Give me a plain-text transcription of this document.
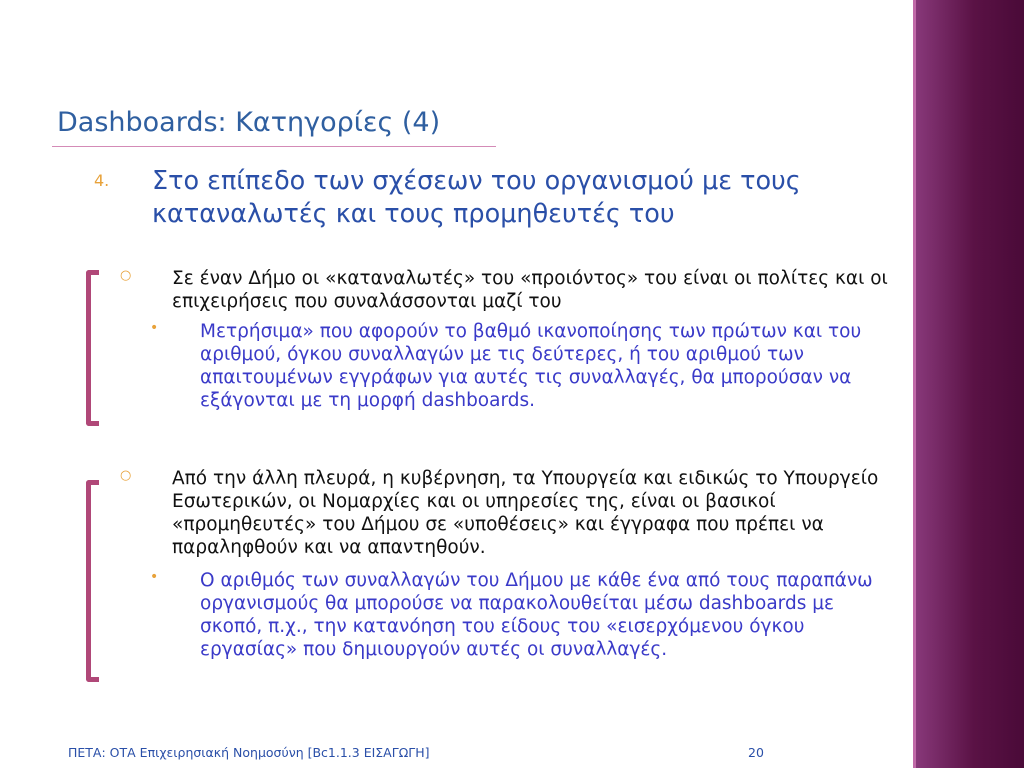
Dashboards: Κατηγορίες (4)
4. Στο επίπεδο των σχέσεων του οργανισμού με τους καταναλωτές και τους προμηθευτές του
○ Σε έναν Δήμο οι «καταναλωτές» του «προιόντος» του είναι οι πολίτες και οι επιχειρήσεις που συναλάσσονται μαζί του
• Μετρήσιμα» που αφορούν το βαθμό ικανοποίησης των πρώτων και του αριθμού, όγκου συναλλαγών με τις δεύτερες, ή του αριθμού των απαιτουμένων εγγράφων για αυτές τις συναλλαγές, θα μπορούσαν να εξάγονται με τη μορφή dashboards.
○ Από την άλλη πλευρά, η κυβέρνηση, τα Υπουργεία και ειδικώς το Υπουργείο Εσωτερικών, οι Νομαρχίες και οι υπηρεσίες της, είναι οι βασικοί «προμηθευτές» του Δήμου σε «υποθέσεις» και έγγραφα που πρέπει να παραληφθούν και να απαντηθούν.
• Ο αριθμός των συναλλαγών του Δήμου με κάθε ένα από τους παραπάνω οργανισμούς θα μπορούσε να παρακολουθείται μέσω dashboards με σκοπό, π.χ., την κατανόηση του είδους του «εισερχόμενου όγκου εργασίας» που δημιουργούν αυτές οι συναλλαγές.
ΠΕΤΑ: ΟΤΑ Επιχειρησιακή Νοημοσύνη [Bc1.1.3 ΕΙΣΑΓΩΓΗ]	20
